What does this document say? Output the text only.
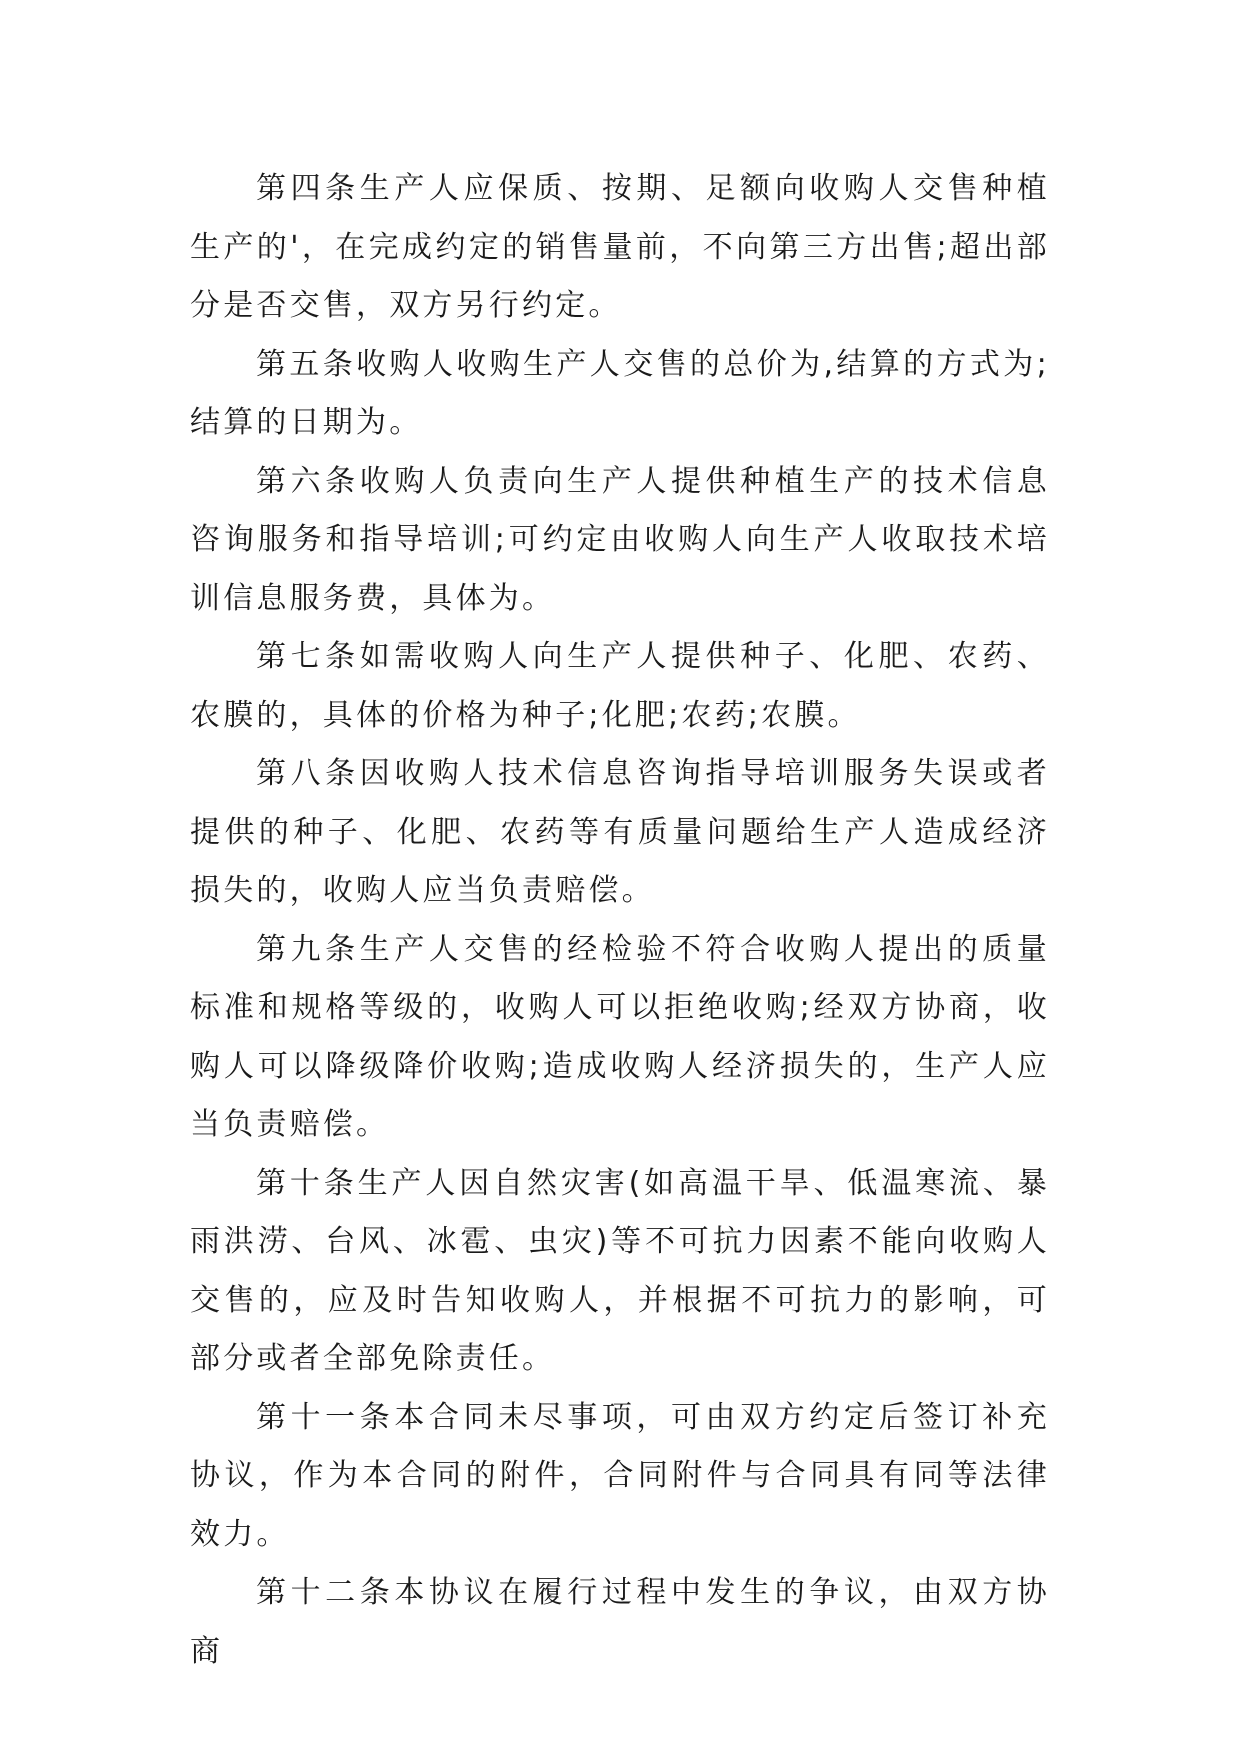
第四条生产人应保质、按期、足额向收购人交售种植生产的'，在完成约定的销售量前，不向第三方出售;超出部分是否交售，双方另行约定。

第五条收购人收购生产人交售的总价为,结算的方式为;结算的日期为。

第六条收购人负责向生产人提供种植生产的技术信息咨询服务和指导培训;可约定由收购人向生产人收取技术培训信息服务费，具体为。

第七条如需收购人向生产人提供种子、化肥、农药、农膜的，具体的价格为种子;化肥;农药;农膜。

第八条因收购人技术信息咨询指导培训服务失误或者提供的种子、化肥、农药等有质量问题给生产人造成经济损失的，收购人应当负责赔偿。

第九条生产人交售的经检验不符合收购人提出的质量标准和规格等级的，收购人可以拒绝收购;经双方协商，收购人可以降级降价收购;造成收购人经济损失的，生产人应当负责赔偿。

第十条生产人因自然灾害(如高温干旱、低温寒流、暴雨洪涝、台风、冰雹、虫灾)等不可抗力因素不能向收购人交售的，应及时告知收购人，并根据不可抗力的影响，可部分或者全部免除责任。

第十一条本合同未尽事项，可由双方约定后签订补充协议，作为本合同的附件，合同附件与合同具有同等法律效力。

第十二条本协议在履行过程中发生的争议，由双方协商
